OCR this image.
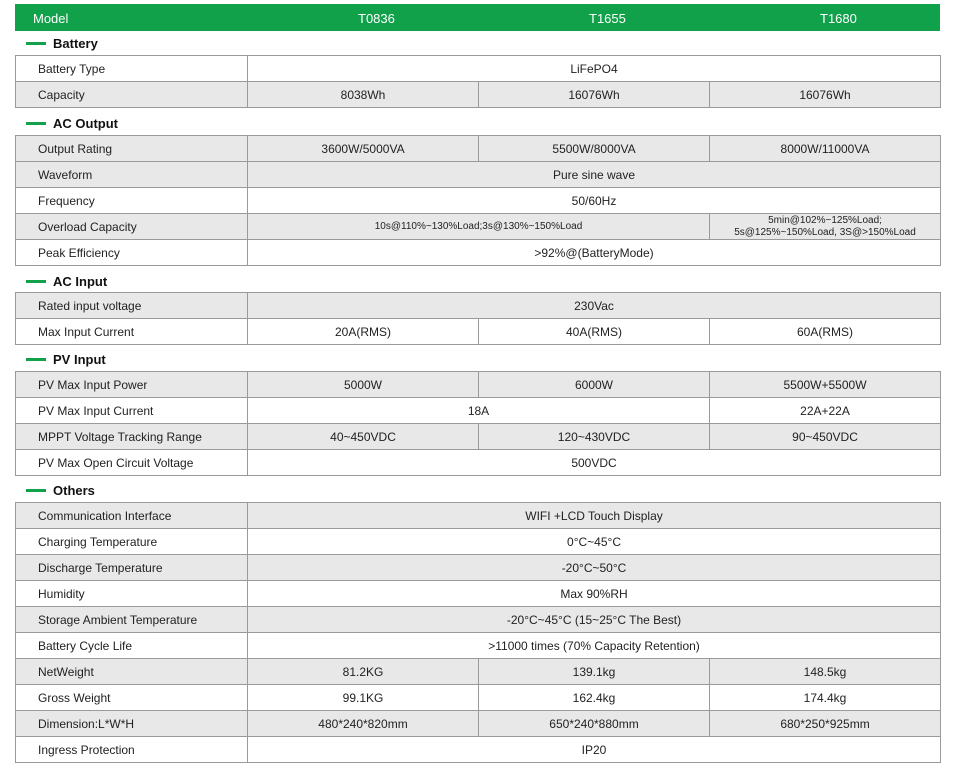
Model	T0836	T1655	T1680
Battery
Battery Type	LiFePO4		
Capacity	8038Wh	16076Wh	16076Wh
AC Output
Output Rating	3600W/5000VA	5500W/8000VA	8000W/11000VA
Waveform	Pure sine wave		
Frequency	50/60Hz		
Overload Capacity	10s@110%~130%Load;3s@130%~150%Load		5min@102%~125%Load;
5s@125%~150%Load, 3S@>150%Load

Peak Efficiency	>92%@(BatteryMode)		
AC Input
Rated input voltage	230Vac		
Max Input Current	20A(RMS)	40A(RMS)	60A(RMS)
PV Input
PV Max Input Power	5000W	6000W	5500W+5500W
PV Max Input Current	18A		22A+22A
MPPT Voltage Tracking Range	40~450VDC	120~430VDC	90~450VDC
PV Max Open Circuit Voltage	500VDC		
Others
Communication Interface	WIFI +LCD Touch Display		
Charging Temperature	0°C~45°C		
Discharge Temperature	-20°C~50°C		
Humidity	Max 90%RH		
Storage Ambient Temperature	-20°C~45°C (15~25°C The Best)		
Battery Cycle Life	>11000 times (70% Capacity Retention)		
NetWeight	81.2KG	139.1kg	148.5kg
Gross Weight	99.1KG	162.4kg	174.4kg
Dimension:L*W*H	480*240*820mm	650*240*880mm	680*250*925mm
Ingress Protection	IP20		
